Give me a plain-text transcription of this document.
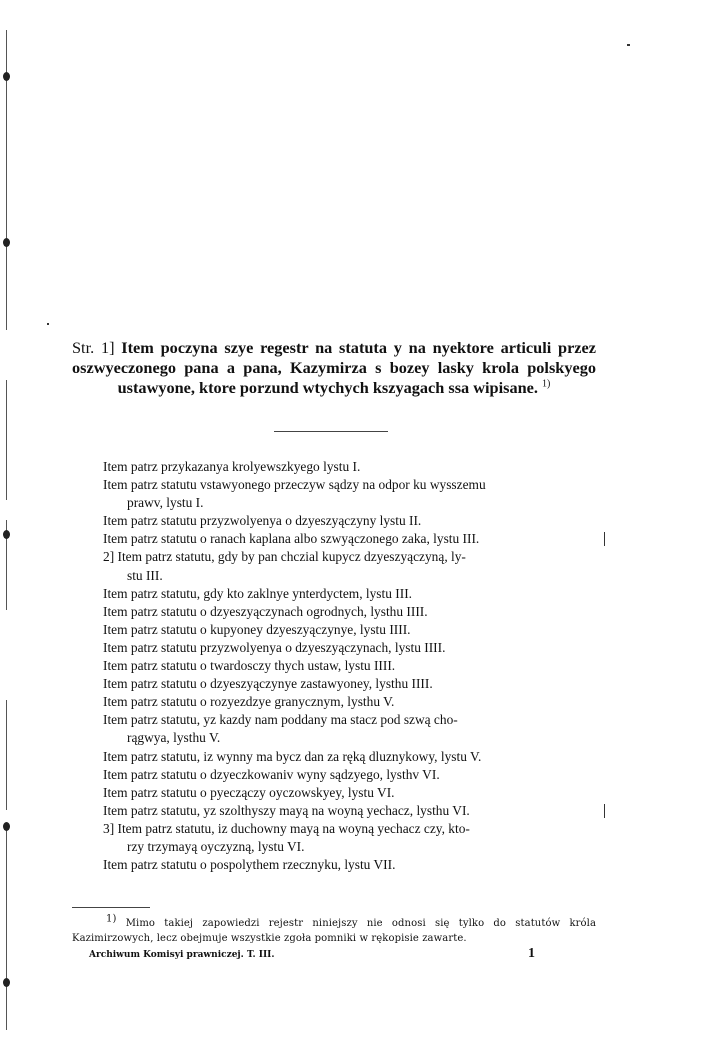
Str. 1] Item poczyna szye regestr na statuta y na nyektore articuli przez oszwyeczonego pana a pana, Kazymirza s bozey lasky krola polskyego ustawyone, ktore porzund wtychych kszyagach ssa wipisane. $^{1)}$
Item patrz przykazanya krolyewszkyego lystu I.
Item patrz statutu vstawyonego przeczyw sądzy na odpor ku wysszemu
prawv, lystu I.
Item patrz statutu przyzwolyenya o dzyeszyączyny lystu II.
Item patrz statutu o ranach kaplana albo szwyączonego zaka, lystu III.
2] Item patrz statutu, gdy by pan chczial kupycz dzyeszyączyną, ly-
stu III.
Item patrz statutu, gdy kto zaklnye ynterdyctem, lystu III.
Item patrz statutu o dzyeszyączynach ogrodnych, lysthu IIII.
Item patrz statutu o kupyoney dzyeszyączynye, lystu IIII.
Item patrz statutu przyzwolyenya o dzyeszyączynach, lystu IIII.
Item patrz statutu o twardosczy thych ustaw, lystu IIII.
Item patrz statutu o dzyeszyączynye zastawyoney, lysthu IIII.
Item patrz statutu o rozyezdzye granycznym, lysthu V.
Item patrz statutu, yz kazdy nam poddany ma stacz pod szwą cho-
rągwya, lysthu V.
Item patrz statutu, iz wynny ma bycz dan za ręką dluznykowy, lystu V.
Item patrz statutu o dzyeczkowaniv wyny sądzyego, lysthv VI.
Item patrz statutu o pyeczączy oyczowskyey, lystu VI.
Item patrz statutu, yz szolthyszy mayą na woyną yechacz, lysthu VI.
3] Item patrz statutu, iz duchowny mayą na woyną yechacz czy, kto-
rzy trzymayą oyczyzną, lystu VI.
Item patrz statutu o pospolythem rzecznyku, lystu VII.
1) Mimo takiej zapowiedzi rejestr niniejszy nie odnosi się tylko do statutów króla Kazimirzowych, lecz obejmuje wszystkie zgoła pomniki w rękopisie zawarte.
Archiwum Komisyi prawniczej. T. III.	1
